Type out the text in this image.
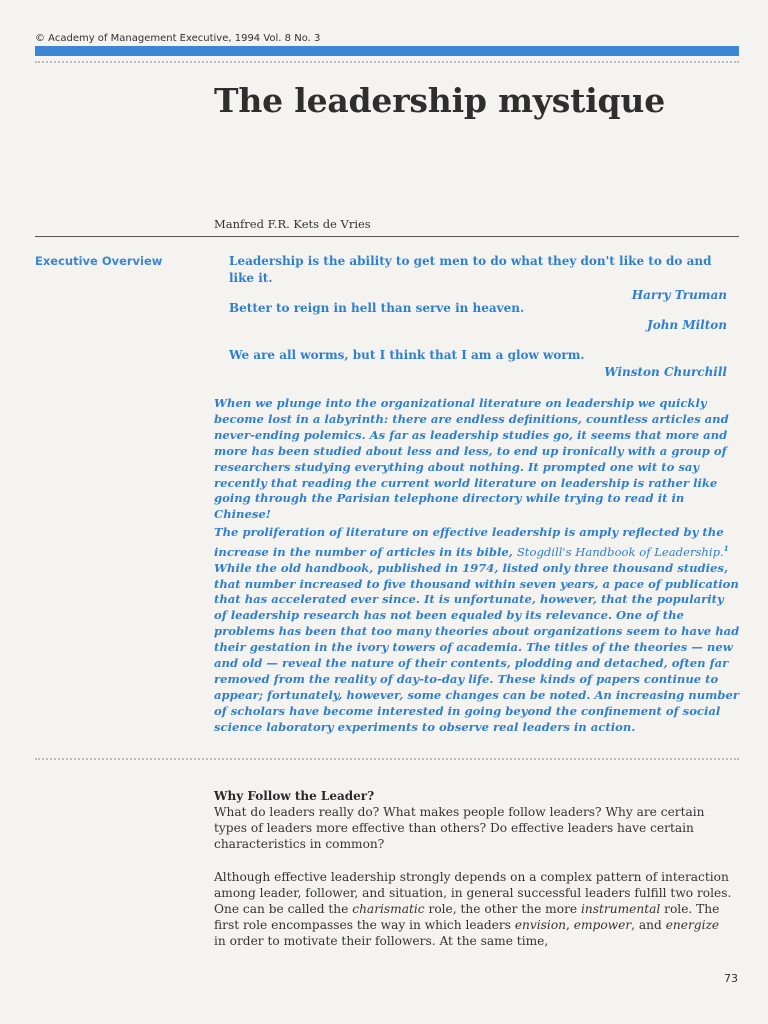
© Academy of Management Executive, 1994 Vol. 8 No. 3

The leadership mystique

Manfred F.R. Kets de Vries

Executive Overview	Leadership is the ability to get men to do what they don't like to do and like it.
Harry Truman
Better to reign in hell than serve in heaven.
John Milton
We are all worms, but I think that I am a glow worm.
Winston Churchill

When we plunge into the organizational literature on leadership we quickly become lost in a labyrinth: there are endless definitions, countless articles and never-ending polemics. As far as leadership studies go, it seems that more and more has been studied about less and less, to end up ironically with a group of researchers studying everything about nothing. It prompted one wit to say recently that reading the current world literature on leadership is rather like going through the Parisian telephone directory while trying to read it in Chinese!

The proliferation of literature on effective leadership is amply reflected by the increase in the number of articles in its bible, Stogdill's Handbook of Leadership.$^1$ While the old handbook, published in 1974, listed only three thousand studies, that number increased to five thousand within seven years, a pace of publication that has accelerated ever since. It is unfortunate, however, that the popularity of leadership research has not been equaled by its relevance. One of the problems has been that too many theories about organizations seem to have had their gestation in the ivory towers of academia. The titles of the theories — new and old — reveal the nature of their contents, plodding and detached, often far removed from the reality of day-to-day life. These kinds of papers continue to appear; fortunately, however, some changes can be noted. An increasing number of scholars have become interested in going beyond the confinement of social science laboratory experiments to observe real leaders in action.

Why Follow the Leader?

What do leaders really do? What makes people follow leaders? Why are certain types of leaders more effective than others? Do effective leaders have certain characteristics in common?

Although effective leadership strongly depends on a complex pattern of interaction among leader, follower, and situation, in general successful leaders fulfill two roles. One can be called the charismatic role, the other the more instrumental role. The first role encompasses the way in which leaders envision, empower, and energize in order to motivate their followers. At the same time,

73
